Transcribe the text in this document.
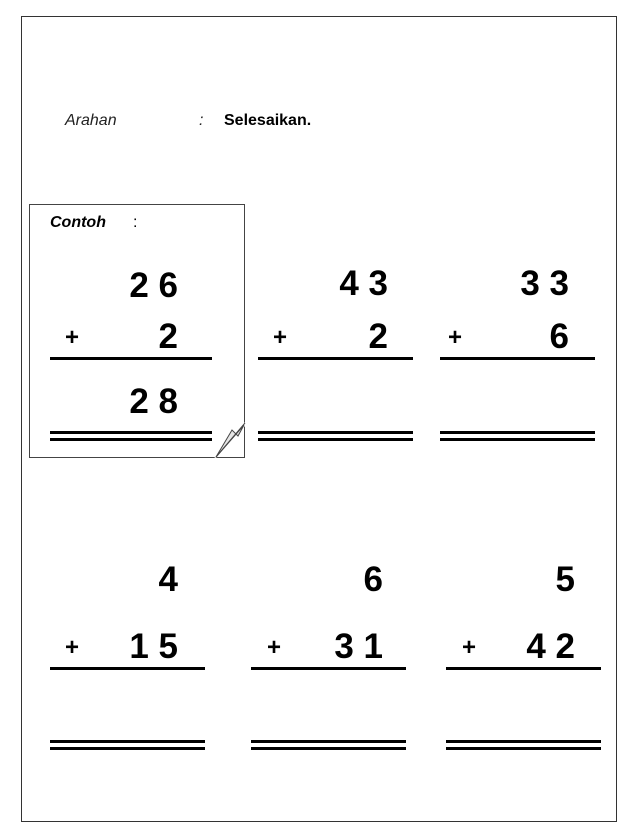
Arahan	: Selesaikan.
Contoh :
2 6
+	2
2 8
4 3
+	2
3 3
+	6
4
+	1 5
6
+	3 1
5
+	4 2
